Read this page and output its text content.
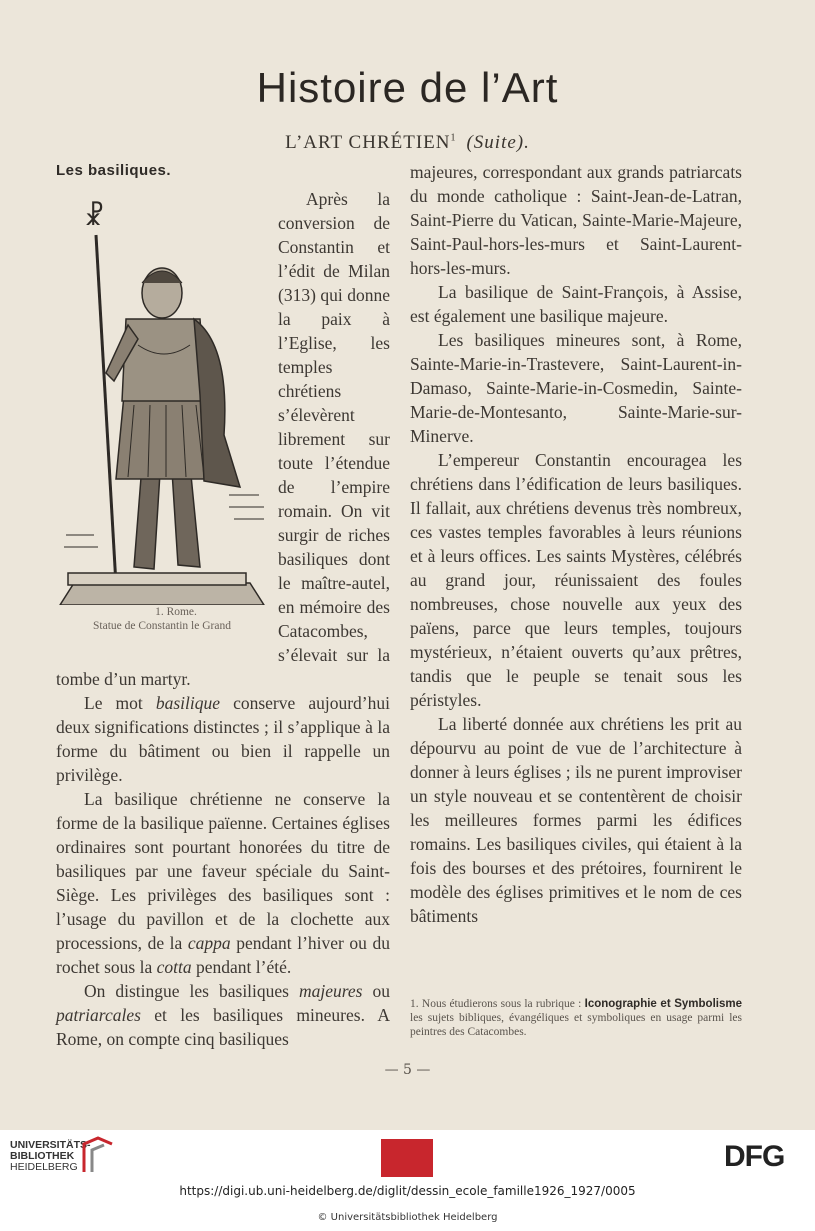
Histoire de l’Art
L’ART CHRÉTIEN$^1$ (Suite).

Les basiliques.

☧
1. Rome.
Statue de Constantin le Grand
Après la conversion de Constantin et l’édit de Milan (313) qui donne la paix à l’Eglise, les temples chrétiens s’élevèrent librement sur toute l’étendue de l’empire romain. On vit surgir de riches basiliques dont le maître-autel, en mémoire des Catacombes, s’élevait sur la tombe d’un martyr.

Le mot basilique conserve aujourd’hui deux significations distinctes ; il s’applique à la forme du bâtiment ou bien il rappelle un privilège.

La basilique chrétienne ne conserve la forme de la basilique païenne. Certaines églises ordinaires sont pourtant honorées du titre de basiliques par une faveur spéciale du Saint-Siège. Les privilèges des basiliques sont : l’usage du pavillon et de la clochette aux processions, de la cappa pendant l’hiver ou du rochet sous la cotta pendant l’été.

On distingue les basiliques majeures ou patriarcales et les basiliques mineures. A Rome, on compte cinq basiliques

majeures, correspondant aux grands patriarcats du monde catholique : Saint-Jean-de-Latran, Saint-Pierre du Vatican, Sainte-Marie-Majeure, Saint-Paul-hors-les-murs et Saint-Laurent-hors-les-murs.

La basilique de Saint-François, à Assise, est également une basilique majeure.

Les basiliques mineures sont, à Rome, Sainte-Marie-in-Trastevere, Saint-Laurent-in-Damaso, Sainte-Marie-in-Cosmedin, Sainte-Marie-de-Montesanto, Sainte-Marie-sur-Minerve.

L’empereur Constantin encouragea les chrétiens dans l’édification de leurs basiliques. Il fallait, aux chrétiens devenus très nombreux, ces vastes temples favorables à leurs réunions et à leurs offices. Les saints Mystères, célébrés au grand jour, réunissaient des foules nombreuses, chose nouvelle aux yeux des païens, parce que leurs temples, toujours mystérieux, n’étaient ouverts qu’aux prêtres, tandis que le peuple se tenait sous les péristyles.

La liberté donnée aux chrétiens les prit au dépourvu au point de vue de l’architecture à donner à leurs églises ; ils ne purent improviser un style nouveau et se contentèrent de choisir les meilleures formes parmi les édifices romains. Les basiliques civiles, qui étaient à la fois des bourses et des prétoires, fournirent le modèle des églises primitives et le nom de ces bâtiments

1. Nous étudierons sous la rubrique : Iconographie et Symbolisme les sujets bibliques, évangéliques et symboliques en usage parmi les peintres des Catacombes.
— 5 —
UNIVERSITÄTS-
BIBLIOTHEK
HEIDELBERG	DFG
https://digi.ub.uni-heidelberg.de/diglit/dessin_ecole_famille1926_1927/0005
© Universitätsbibliothek Heidelberg
